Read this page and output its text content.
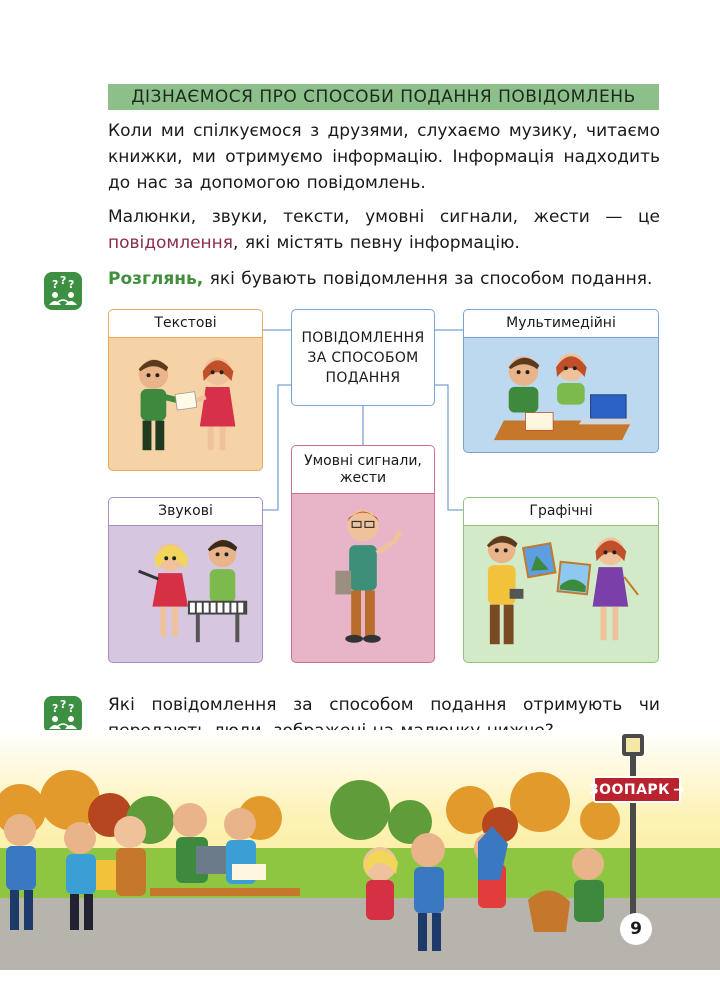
ДІЗНАЄМОСЯ ПРО СПОСОБИ ПОДАННЯ ПОВІДОМЛЕНЬ

Коли ми спілкуємося з друзями, слухаємо музику, читаємо книжки, ми отримуємо інформацію. Інформація надходить до нас за допомогою повідомлень.

Малюнки, звуки, тексти, умовні сигнали, жести — це повідомлення, які містять певну інформацію.

? ? ? Розглянь, які бувають повідомлення за способом подання.

ПОВІДОМЛЕННЯ
ЗА СПОСОБОМ
ПОДАННЯ
Текстові	Мультимедійні
Умовні сигнали,
жести
Звукові	Графічні
? ? ? Які повідомлення за способом подання отримують чи

ЗООПАРК ➜
9
